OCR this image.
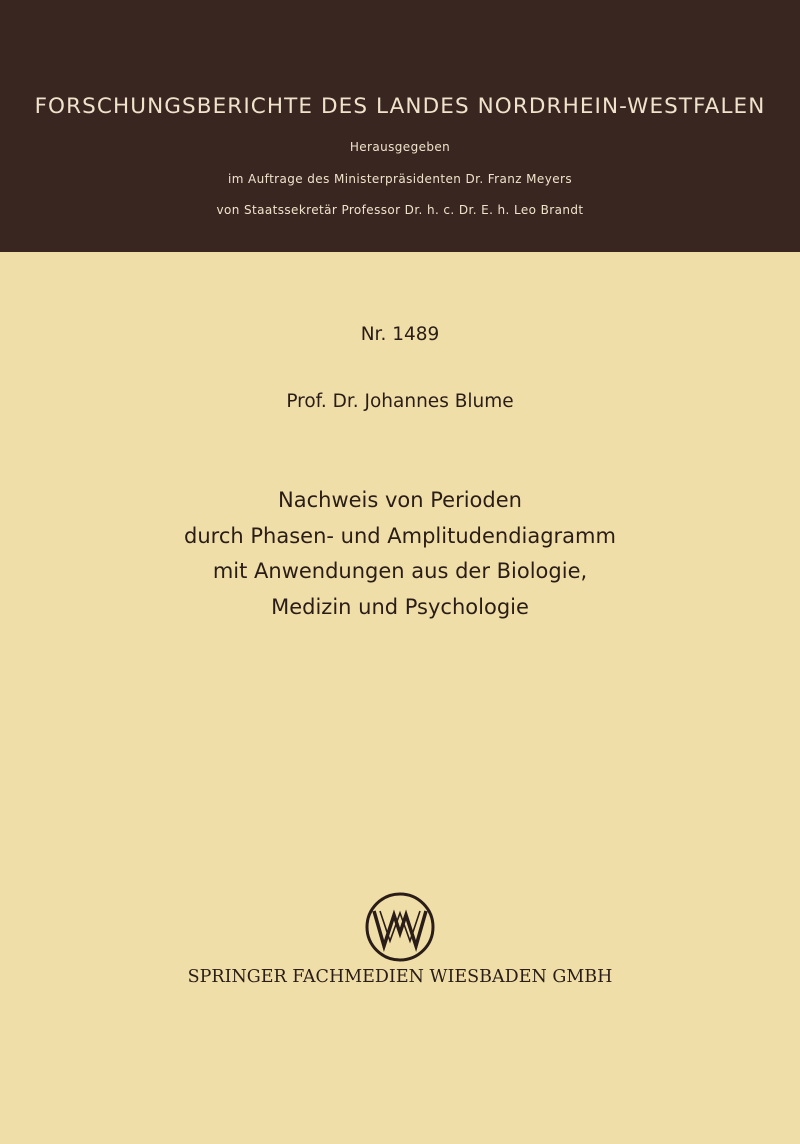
FORSCHUNGSBERICHTE DES LANDES NORDRHEIN-WESTFALEN
Herausgegeben
im Auftrage des Ministerpräsidenten Dr. Franz Meyers
von Staatssekretär Professor Dr. h. c. Dr. E. h. Leo Brandt
Nr. 1489
Prof. Dr. Johannes Blume
Nachweis von Perioden
durch Phasen- und Amplitudendiagramm
mit Anwendungen aus der Biologie,
Medizin und Psychologie
SPRINGER FACHMEDIEN WIESBADEN GMBH
